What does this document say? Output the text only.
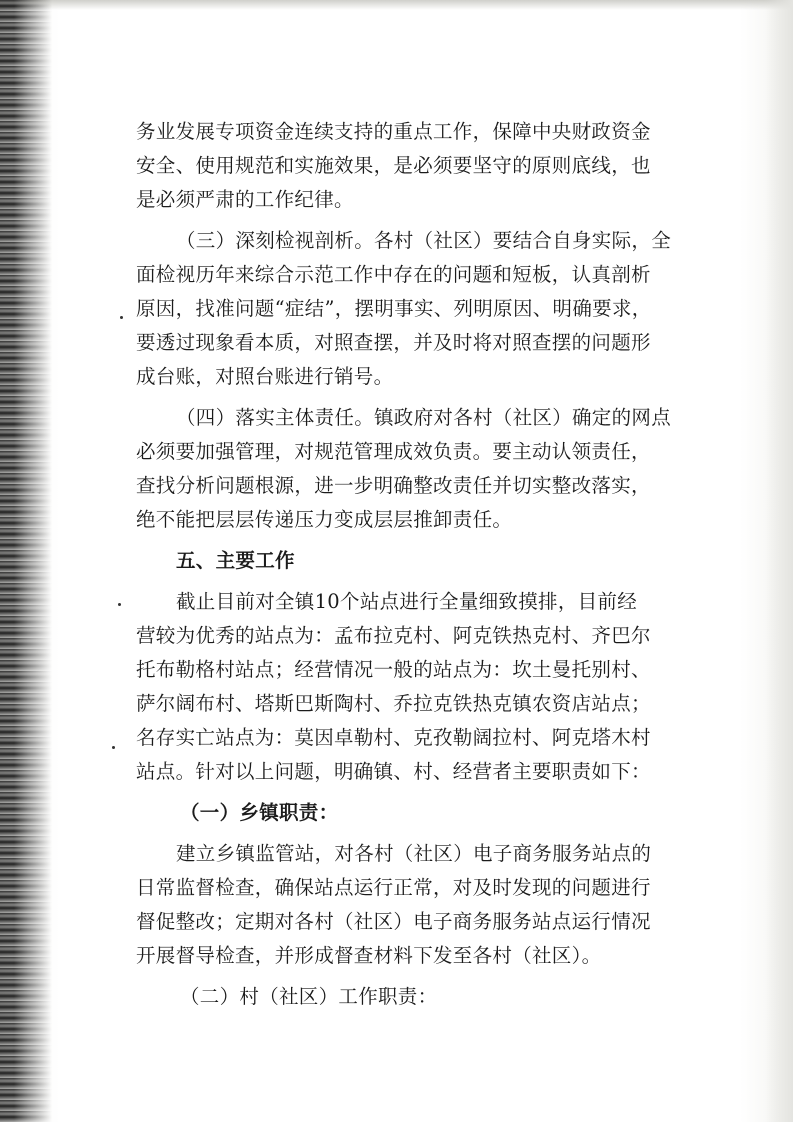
务业发展专项资金连续支持的重点工作，保障中央财政资金
安全、使用规范和实施效果，是必须要坚守的原则底线，也
是必须严肃的工作纪律。
（三）深刻检视剖析。各村（社区）要结合自身实际，全
面检视历年来综合示范工作中存在的问题和短板，认真剖析
原因，找准问题“症结”，摆明事实、列明原因、明确要求，
要透过现象看本质，对照查摆，并及时将对照查摆的问题形
成台账，对照台账进行销号。
（四）落实主体责任。镇政府对各村（社区）确定的网点
必须要加强管理，对规范管理成效负责。要主动认领责任，
查找分析问题根源，进一步明确整改责任并切实整改落实，
绝不能把层层传递压力变成层层推卸责任。
五、主要工作
截止目前对全镇10个站点进行全量细致摸排，目前经
营较为优秀的站点为：孟布拉克村、阿克铁热克村、齐巴尔
托布勒格村站点；经营情况一般的站点为：坎土曼托别村、
萨尔阔布村、塔斯巴斯陶村、乔拉克铁热克镇农资店站点；
名存实亡站点为：莫因卓勒村、克孜勒阔拉村、阿克塔木村
站点。针对以上问题，明确镇、村、经营者主要职责如下：
（一）乡镇职责：
建立乡镇监管站，对各村（社区）电子商务服务站点的
日常监督检查，确保站点运行正常，对及时发现的问题进行
督促整改；定期对各村（社区）电子商务服务站点运行情况
开展督导检查，并形成督查材料下发至各村（社区）。
（二）村（社区）工作职责：
